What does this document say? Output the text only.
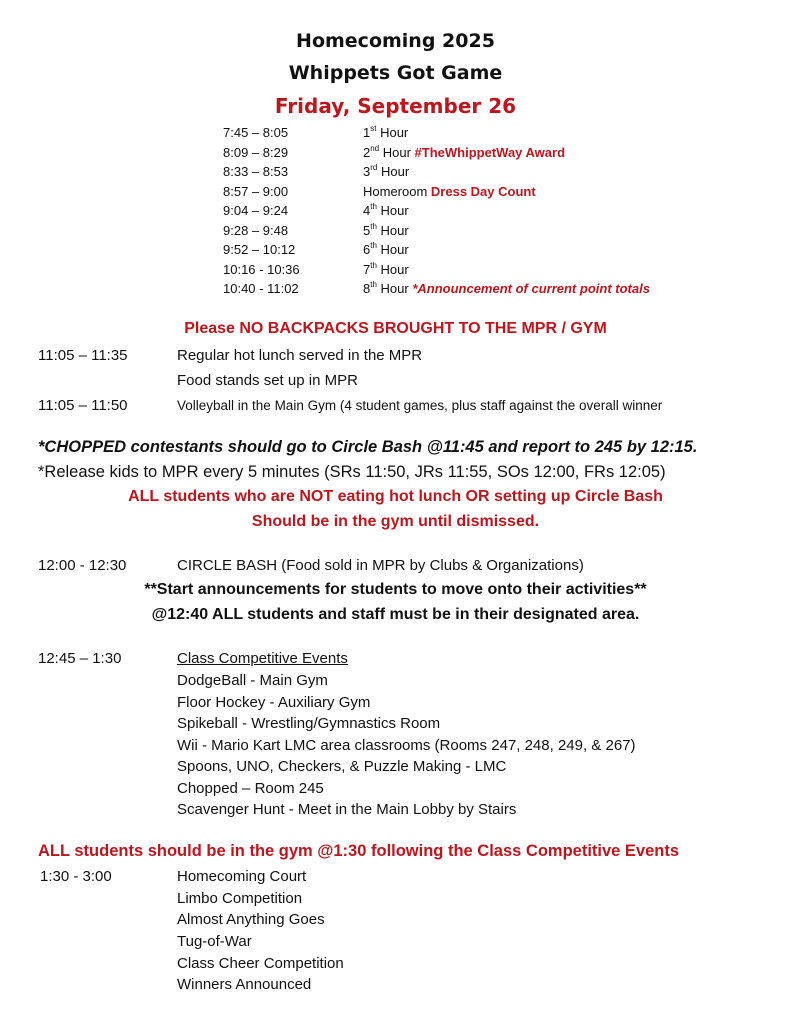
Homecoming 2025
Whippets Got Game
Friday, September 26
7:45 – 8:05	1st Hour
8:09 – 8:29	2nd Hour #TheWhippetWay Award
8:33 – 8:53	3rd Hour
8:57 – 9:00	Homeroom Dress Day Count
9:04 – 9:24	4th Hour
9:28 – 9:48	5th Hour
9:52 – 10:12	6th Hour
10:16 - 10:36	7th Hour
10:40 - 11:02	8th Hour *Announcement of current point totals
Please NO BACKPACKS BROUGHT TO THE MPR / GYM
11:05 – 11:35	Regular hot lunch served in the MPR
Food stands set up in MPR
11:05 – 11:50	Volleyball in the Main Gym (4 student games, plus staff against the overall winner
*CHOPPED contestants should go to Circle Bash @11:45 and report to 245 by 12:15.
*Release kids to MPR every 5 minutes (SRs 11:50, JRs 11:55, SOs 12:00, FRs 12:05)
ALL students who are NOT eating hot lunch OR setting up Circle Bash
Should be in the gym until dismissed.
12:00 - 12:30	CIRCLE BASH (Food sold in MPR by Clubs & Organizations)
**Start announcements for students to move onto their activities**
@12:40 ALL students and staff must be in their designated area.
12:45 – 1:30	Class Competitive Events
DodgeBall - Main Gym
Floor Hockey - Auxiliary Gym
Spikeball - Wrestling/Gymnastics Room
Wii - Mario Kart LMC area classrooms (Rooms 247, 248, 249, & 267)
Spoons, UNO, Checkers, & Puzzle Making - LMC
Chopped – Room 245
Scavenger Hunt - Meet in the Main Lobby by Stairs
ALL students should be in the gym @1:30 following the Class Competitive Events
1:30 - 3:00	Homecoming Court
Limbo Competition
Almost Anything Goes
Tug-of-War
Class Cheer Competition
Winners Announced
